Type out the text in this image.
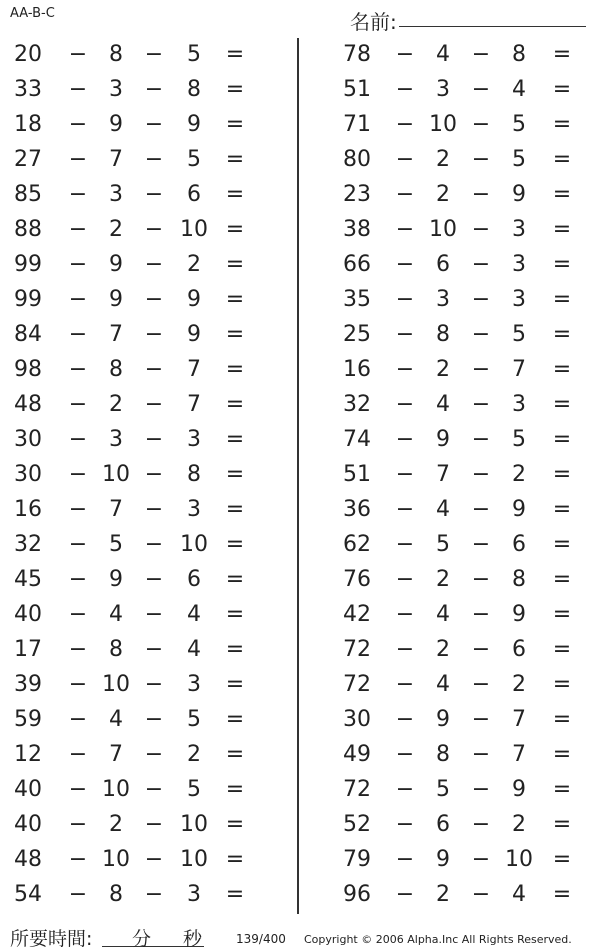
AA-B-C	名前:
20	− 8 −	5	=
33	− 3 −	8	=
18	− 9 −	9	=
27	− 7 −	5	=
85	− 3 −	6	=
88	− 2 − 10 =
99	− 9 −	2	=
99	− 9 −	9	=
84	− 7 −	9	=
98	− 8 −	7	=
48	− 2 −	7	=
30	− 3 −	3	=
30	− 10 −	8	=
16	− 7 −	3	=
32	− 5 − 10 =
45	− 9 −	6	=
40	− 4 −	4	=
17	− 8 −	4	=
39	− 10 −	3	=
59	− 4 −	5	=
12	− 7 −	2	=
40	− 10 −	5	=
40	− 2 − 10 =
48	− 10 − 10 =
54	− 8 −	3	=
78	− 4 − 8	=
51	− 3 − 4	=
71	− 10 − 5	=
80	− 2 − 5	=
23	− 2 − 9	=
38	− 10 − 3	=
66	− 6 − 3	=
35	− 3 − 3	=
25	− 8 − 5	=
16	− 2 − 7	=
32	− 4 − 3	=
74	− 9 − 5	=
51	− 7 − 2	=
36	− 4 − 9	=
62	− 5 − 6	=
76	− 2 − 8	=
42	− 4 − 9	=
72	− 2 − 6	=
72	− 4 − 2	=
30	− 9 − 7	=
49	− 8 − 7	=
72	− 5 − 9	=
52	− 6 − 2	=
79	− 9 − 10 =
96	− 2 − 4	=
所要時間: 分 秒	139/400 Copyright © 2006 Alpha.Inc All Rights Reserved.
